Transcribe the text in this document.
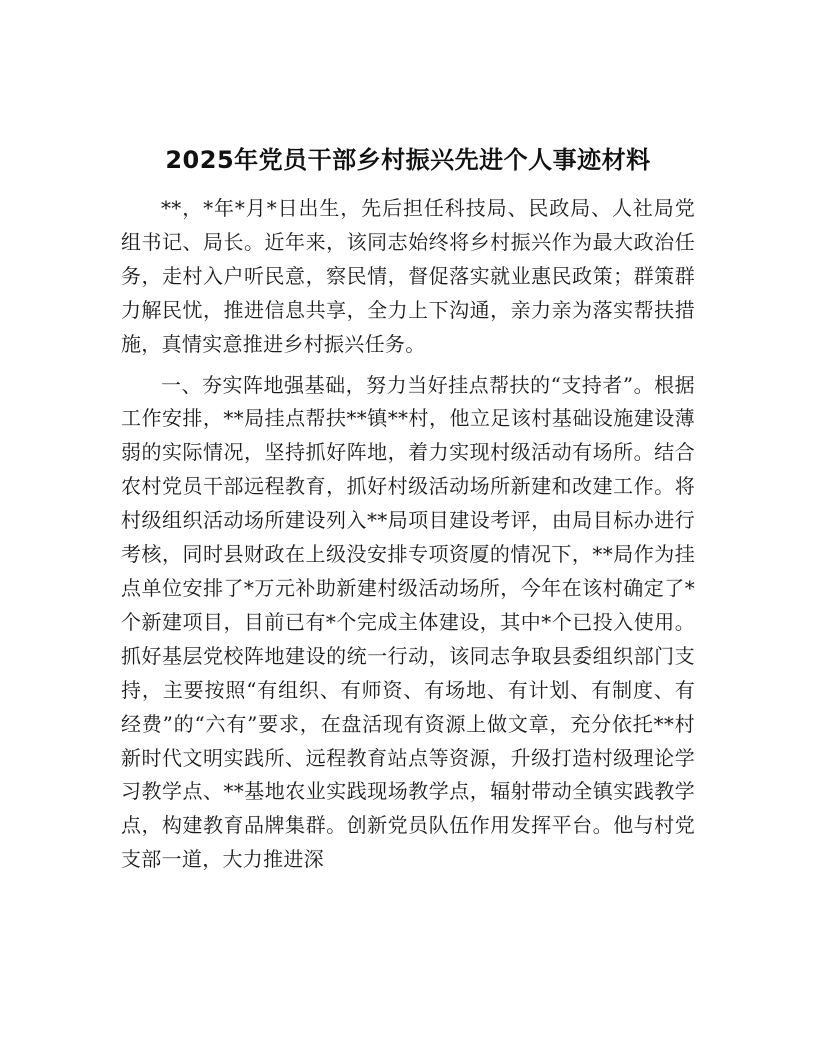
2025年党员干部乡村振兴先进个人事迹材料

**，*年*月*日出生，先后担任科技局、民政局、人社局党组书记、局长。近年来，该同志始终将乡村振兴作为最大政治任务，走村入户听民意，察民情，督促落实就业惠民政策；群策群力解民忧，推进信息共享，全力上下沟通，亲力亲为落实帮扶措施，真情实意推进乡村振兴任务。

一、夯实阵地强基础，努力当好挂点帮扶的“支持者”。根据工作安排，**局挂点帮扶**镇**村，他立足该村基础设施建设薄弱的实际情况，坚持抓好阵地，着力实现村级活动有场所。结合农村党员干部远程教育，抓好村级活动场所新建和改建工作。将村级组织活动场所建设列入**局项目建设考评，由局目标办进行考核，同时县财政在上级没安排专项资厦的情况下，**局作为挂点单位安排了*万元补助新建村级活动场所，今年在该村确定了*个新建项目，目前已有*个完成主体建设，其中*个已投入使用。抓好基层党校阵地建设的统一行动，该同志争取县委组织部门支持，主要按照“有组织、有师资、有场地、有计划、有制度、有经费”的“六有”要求，在盘活现有资源上做文章，充分依托**村新时代文明实践所、远程教育站点等资源，升级打造村级理论学习教学点、**基地农业实践现场教学点，辐射带动全镇实践教学点，构建教育品牌集群。创新党员队伍作用发挥平台。他与村党支部一道，大力推进深
